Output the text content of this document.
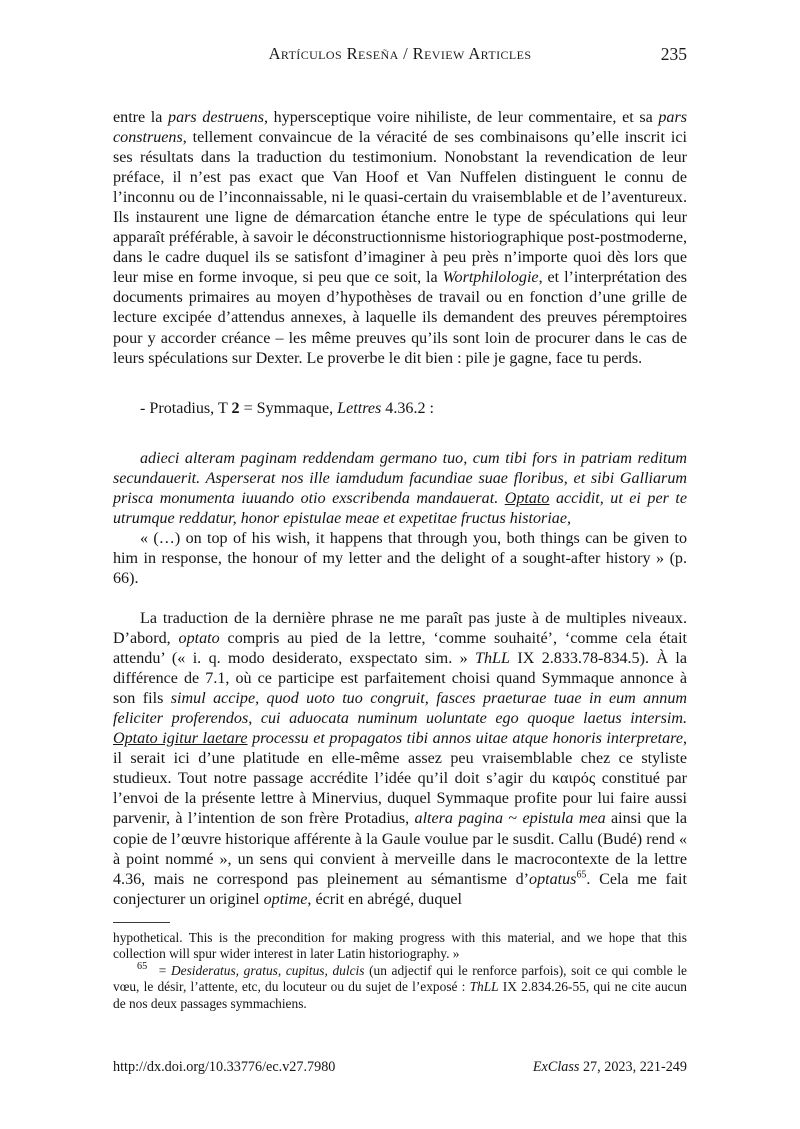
Artículos Reseña / Review Articles	235

entre la pars destruens, hypersceptique voire nihiliste, de leur commentaire, et sa pars construens, tellement convaincue de la véracité de ses combinaisons qu’elle inscrit ici ses résultats dans la traduction du testimonium. Nonobstant la revendication de leur préface, il n’est pas exact que Van Hoof et Van Nuffelen distinguent le connu de l’inconnu ou de l’inconnaissable, ni le quasi-certain du vraisemblable et de l’aventureux. Ils instaurent une ligne de démarcation étanche entre le type de spéculations qui leur apparaît préférable, à savoir le déconstructionnisme historiographique post-postmoderne, dans le cadre duquel ils se satisfont d’imaginer à peu près n’importe quoi dès lors que leur mise en forme invoque, si peu que ce soit, la Wortphilologie, et l’interprétation des documents primaires au moyen d’hypothèses de travail ou en fonction d’une grille de lecture excipée d’attendus annexes, à laquelle ils demandent des preuves péremptoires pour y accorder créance – les même preuves qu’ils sont loin de procurer dans le cas de leurs spéculations sur Dexter. Le proverbe le dit bien : pile je gagne, face tu perds.

- Protadius, T 2 = Symmaque, Lettres 4.36.2 :
adieci alteram paginam reddendam germano tuo, cum tibi fors in patriam reditum secundauerit. Asperserat nos ille iamdudum facundiae suae floribus, et sibi Galliarum prisca monumenta iuuando otio exscribenda mandauerat. Optato accidit, ut ei per te utrumque reddatur, honor epistulae meae et expetitae fructus historiae,
« (…) on top of his wish, it happens that through you, both things can be given to him in response, the honour of my letter and the delight of a sought-after history » (p. 66).

La traduction de la dernière phrase ne me paraît pas juste à de multiples niveaux. D’abord, optato compris au pied de la lettre, ‘comme souhaité’, ‘comme cela était attendu’ (« i. q. modo desiderato, exspectato sim. » ThLL IX 2.833.78-834.5). À la différence de 7.1, où ce participe est parfaitement choisi quand Symmaque annonce à son fils simul accipe, quod uoto tuo congruit, fasces praeturae tuae in eum annum feliciter proferendos, cui aduocata numinum uoluntate ego quoque laetus intersim. Optato igitur laetare processu et propagatos tibi annos uitae atque honoris interpretare, il serait ici d’une platitude en elle-même assez peu vraisemblable chez ce styliste studieux. Tout notre passage accrédite l’idée qu’il doit s’agir du καιρός constitué par l’envoi de la présente lettre à Minervius, duquel Symmaque profite pour lui faire aussi parvenir, à l’intention de son frère Protadius, altera pagina ~ epistula mea ainsi que la copie de l’œuvre historique afférente à la Gaule voulue par le susdit. Callu (Budé) rend « à point nommé », un sens qui convient à merveille dans le macrocontexte de la lettre 4.36, mais ne correspond pas pleinement au sémantisme d’optatus$^{65}$. Cela me fait conjecturer un originel optime, écrit en abrégé, duquel

hypothetical. This is the precondition for making progress with this material, and we hope that this collection will spur wider interest in later Latin historiography. »

$^{65}$ = Desideratus, gratus, cupitus, dulcis (un adjectif qui le renforce parfois), soit ce qui comble le vœu, le désir, l’attente, etc, du locuteur ou du sujet de l’exposé : ThLL IX 2.834.26-55, qui ne cite aucun de nos deux passages symmachiens.

http://dx.doi.org/10.33776/ec.v27.7980	ExClass 27, 2023, 221-249
